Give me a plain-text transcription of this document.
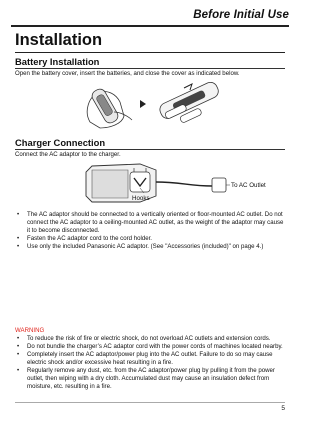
Before Initial Use
Installation
Battery Installation
Open the battery cover, insert the batteries, and close the cover as indicated below.
Charger Connection
Connect the AC adaptor to the charger.
Hooks
To AC Outlet
• The AC adaptor should be connected to a vertically oriented or floor-mounted AC outlet. Do not connect the AC adaptor to a ceiling-mounted AC outlet, as the weight of the adaptor may cause it to become disconnected.
• Fasten the AC adaptor cord to the cord holder.
• Use only the included Panasonic AC adaptor. (See "Accessories (included)" on page 4.)
WARNING
• To reduce the risk of fire or electric shock, do not overload AC outlets and extension cords.
• Do not bundle the charger’s AC adaptor cord with the power cords of machines located nearby.
• Completely insert the AC adaptor/power plug into the AC outlet. Failure to do so may cause electric shock and/or excessive heat resulting in a fire.
• Regularly remove any dust, etc. from the AC adaptor/power plug by pulling it from the power outlet, then wiping with a dry cloth. Accumulated dust may cause an insulation defect from moisture, etc. resulting in a fire.
5
